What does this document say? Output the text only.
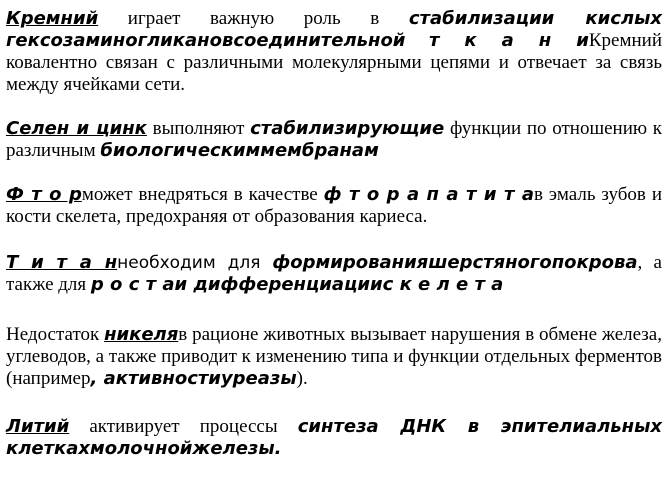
Кремний играет важную роль в стабилизации кислых гексозаминогликановсоединительной т к а н иКремний ковалентно связан с различными молекулярными цепями и отвечает за связь между ячейками сети.

Селен и цинк выполняют стабилизирующие функции по отношению к различным биологическиммембранам

Ф т о рможет внедряться в качестве ф т о р а п а т и т ав эмаль зубов и кости скелета, предохраняя от образования кариеса.

Т и т а ннеобходим для формированияшерстяногопокрова, а также для р о с т аи дифференциациис к е л е т а

Недостаток никеляв рационе животных вызывает нарушения в обмене железа, углеводов, а также приводит к изменению типа и функции отдельных ферментов (например, активностиуреазы).

Литий активирует процессы синтеза ДНК в эпителиальных клеткахмолочнойжелезы.
